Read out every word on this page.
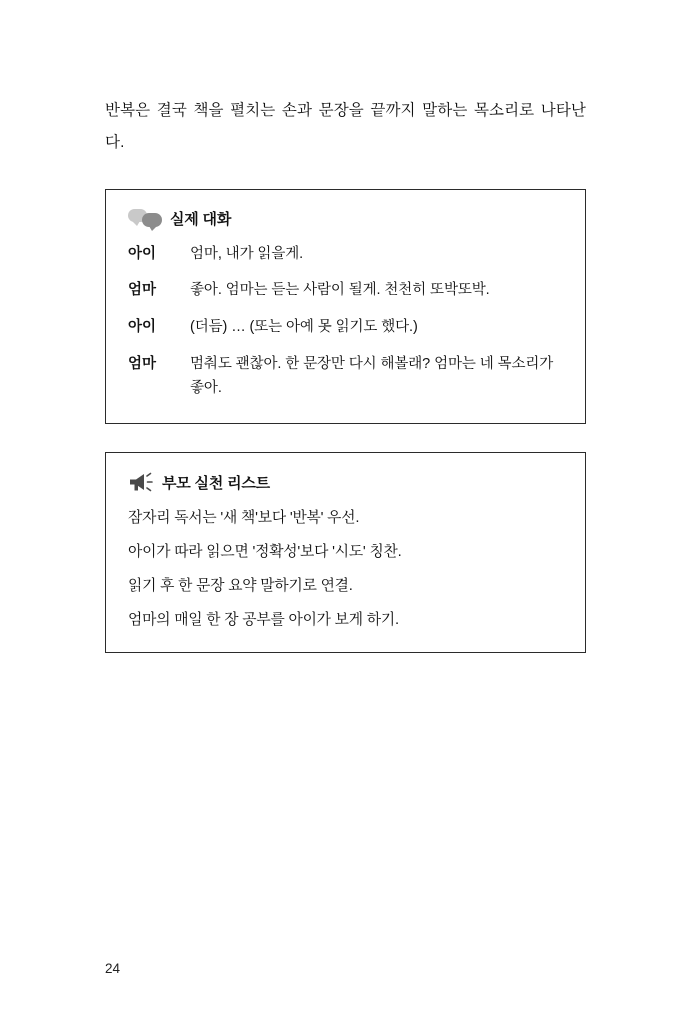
반복은 결국 책을 펼치는 손과 문장을 끝까지 말하는 목소리로 나타난다.

실제 대화
아이	엄마, 내가 읽을게.
엄마	좋아. 엄마는 듣는 사람이 될게. 천천히 또박또박.
아이	(더듬) … (또는 아예 못 읽기도 했다.)
엄마	멈춰도 괜찮아. 한 문장만 다시 해볼래? 엄마는 네 목소리가 좋아.
부모 실천 리스트
잠자리 독서는 '새 책'보다 '반복' 우선.
아이가 따라 읽으면 '정확성'보다 '시도' 칭찬.
읽기 후 한 문장 요약 말하기로 연결.
엄마의 매일 한 장 공부를 아이가 보게 하기.
24
